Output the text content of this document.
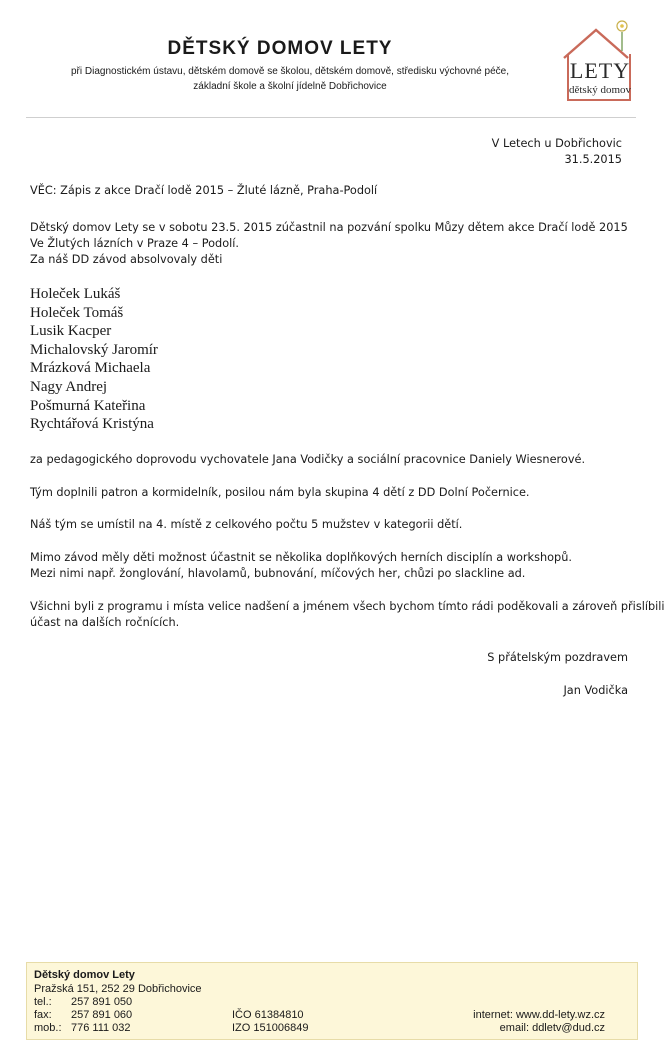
DĚTSKÝ DOMOV LETY
při Diagnostickém ústavu, dětském domově se školou, dětském domově, středisku výchovné péče,
základní škole a školní jídelně Dobřichovice
LETY
dětský domov
V Letech u Dobřichovic
31.5.2015
VĚC: Zápis z akce Dračí lodě 2015 – Žluté lázně, Praha-Podolí
Dětský domov Lety se v sobotu 23.5. 2015 zúčastnil na pozvání spolku Můzy dětem akce Dračí lodě 2015
Ve Žlutých lázních v Praze 4 – Podolí.
Za náš DD závod absolvovaly děti
Holeček Lukáš
Holeček Tomáš
Lusik Kacper
Michalovský Jaromír
Mrázková Michaela
Nagy Andrej
Pošmurná Kateřina
Rychtářová Kristýna
za pedagogického doprovodu vychovatele Jana Vodičky a sociální pracovnice Daniely Wiesnerové.
Tým doplnili patron a kormidelník, posilou nám byla skupina 4 dětí z DD Dolní Počernice.
Náš tým se umístil na 4. místě z celkového počtu 5 mužstev v kategorii dětí.
Mimo závod měly děti možnost účastnit se několika doplňkových herních disciplín a workshopů.
Mezi nimi např. žonglování, hlavolamů, bubnování, míčových her, chůzi po slackline ad.
Všichni byli z programu i místa velice nadšení a jménem všech bychom tímto rádi poděkovali a zároveň přislíbili
účast na dalších ročnících.
S přátelským pozdravem
Jan Vodička
Dětský domov Lety
Pražská 151, 252 29 Dobřichovice
tel.: 257 891 050
fax: 257 891 060
mob.: 776 111 032
IČO 61384810
IZO 151006849
internet: www.dd-lety.wz.cz
email: ddletv@dud.cz
